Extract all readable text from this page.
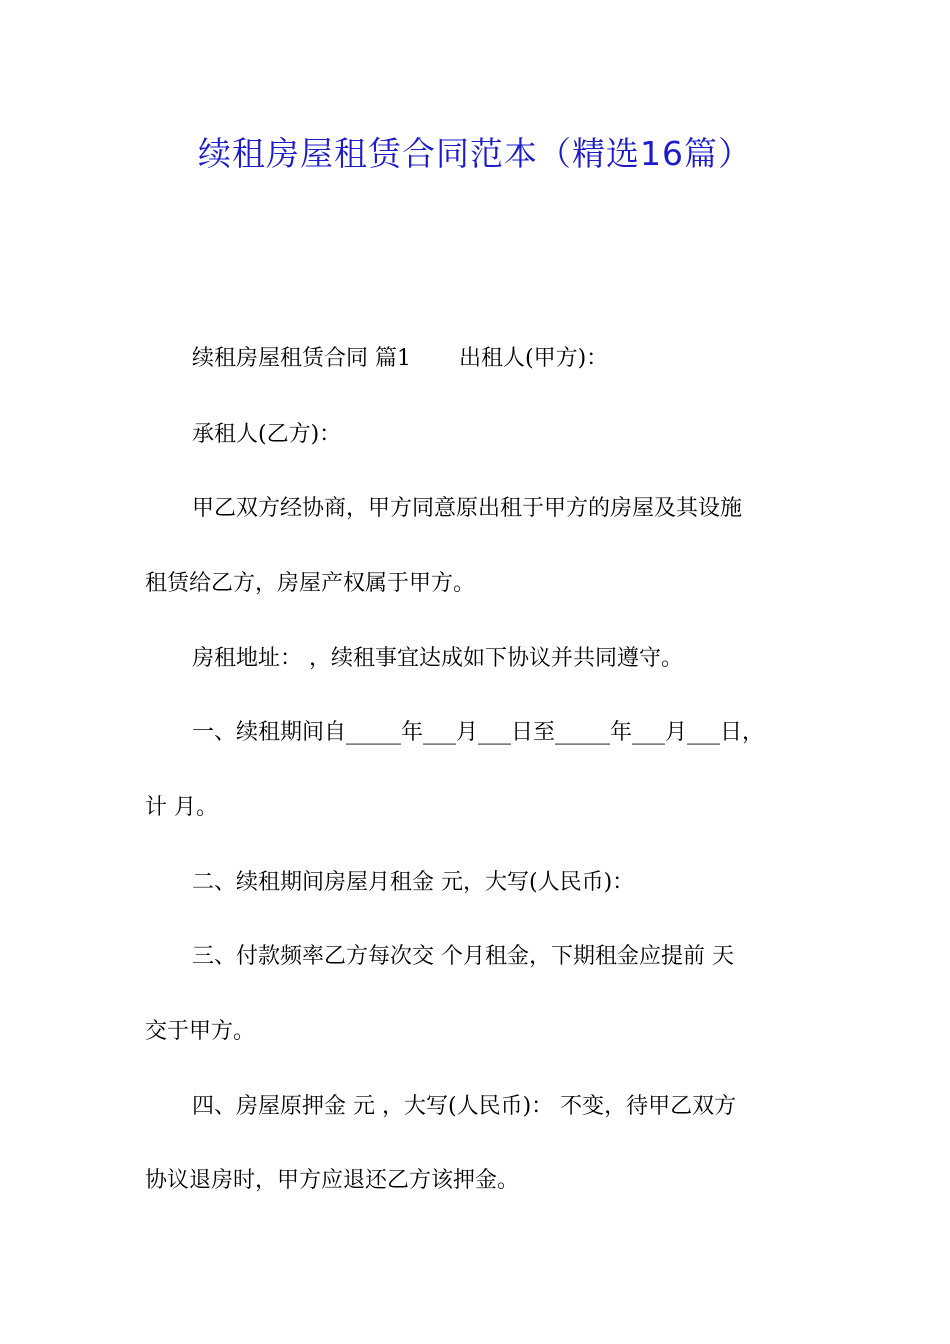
续租房屋租赁合同范本（精选16篇）
续租房屋租赁合同 篇1 出租人(甲方)：
承租人(乙方)：
甲乙双方经协商，甲方同意原出租于甲方的房屋及其设施
租赁给乙方，房屋产权属于甲方。
房租地址： ，续租事宜达成如下协议并共同遵守。
一、续租期间自_____年___月___日至_____年___月___日，
计 月。
二、续租期间房屋月租金 元，大写(人民币)：
三、付款频率乙方每次交 个月租金，下期租金应提前 天
交于甲方。
四、房屋原押金 元 ，大写(人民币)： 不变，待甲乙双方
协议退房时，甲方应退还乙方该押金。
